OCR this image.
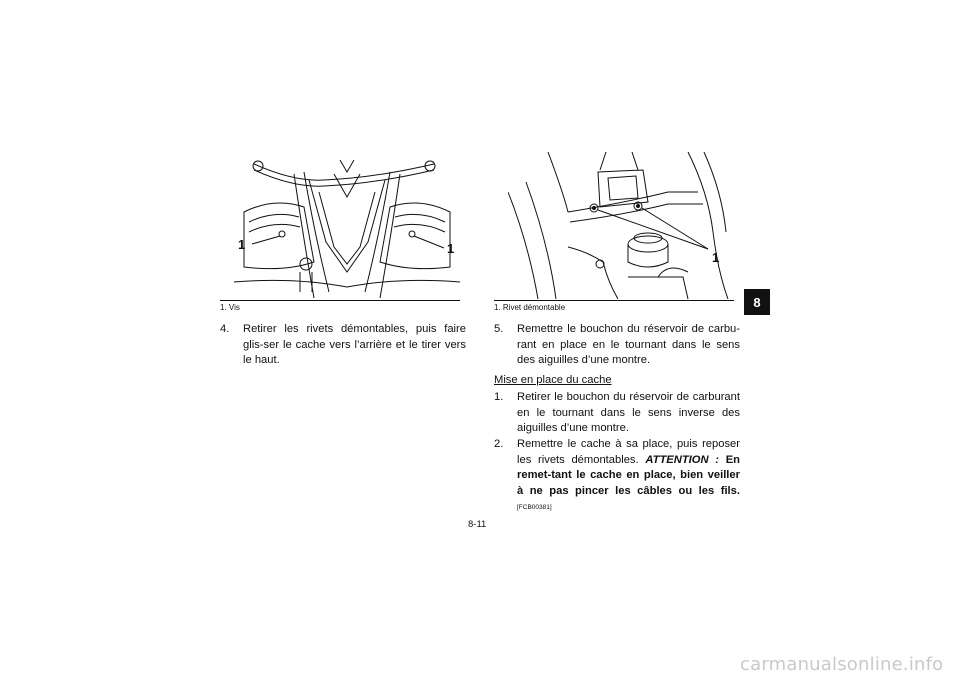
1	1
1. Vis
1
1. Rivet démontable
4. Retirer les rivets démontables, puis faire glis-ser le cache vers l’arrière et le tirer vers le haut.
5. Remettre le bouchon du réservoir de carbu-rant en place en le tournant dans le sens des aiguilles d’une montre.
Mise en place du cache
1. Retirer le bouchon du réservoir de carburant en le tournant dans le sens inverse des aiguilles d’une montre.
2. Remettre le cache à sa place, puis reposer les rivets démontables. ATTENTION : En remet-tant le cache en place, bien veiller à ne pas pincer les câbles ou les fils. [FCB00381]
8
8-11
carmanualsonline.info
